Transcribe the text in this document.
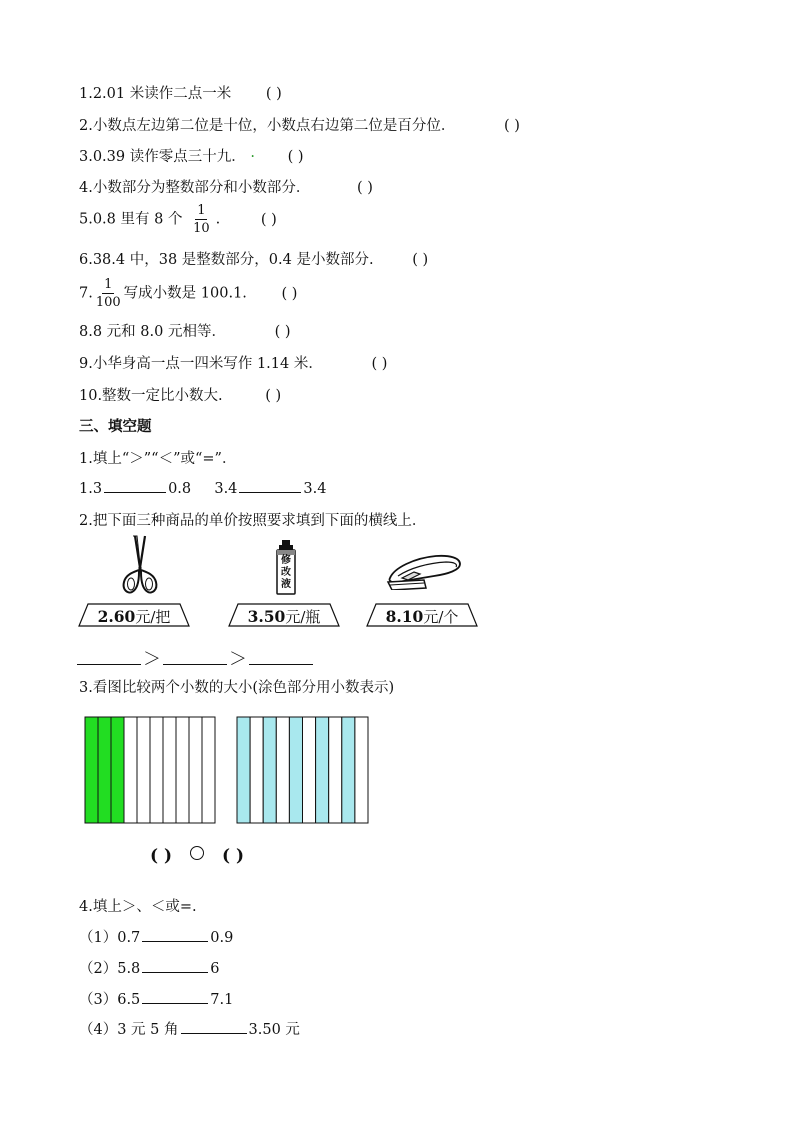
1.2.01 米读作二点一米 ( )
2.小数点左边第二位是十位，小数点右边第二位是百分位．	( )
3.0.39 读作零点三十九． · ( )
4.小数部分为整数部分和小数部分．	( )
5.0.8 里有 8 个 $\frac{1}{10}$ .	( )
6.38.4 中，38 是整数部分，0.4 是小数部分.	( )
7. $\frac{1}{100}$ 写成小数是 100.1. ( )
8.8 元和 8.0 元相等．	( )
9.小华身高一点一四米写作 1.14 米．	( )
10.整数一定比小数大.	( )
三、填空题
1.填上“＞”“＜”或“=”．
1.3	0.8 3.4	3.4
2.把下面三种商品的单价按照要求填到下面的横线上．
修改液
2.60元/把	3.50元/瓶	8.10元/个
＞	＞
3.看图比较两个小数的大小(涂色部分用小数表示)
( )	( )
4.填上＞、＜或=.
（1）0.7	0.9
（2）5.8	6
（3）6.5	7.1
（4）3 元 5 角	3.50 元
